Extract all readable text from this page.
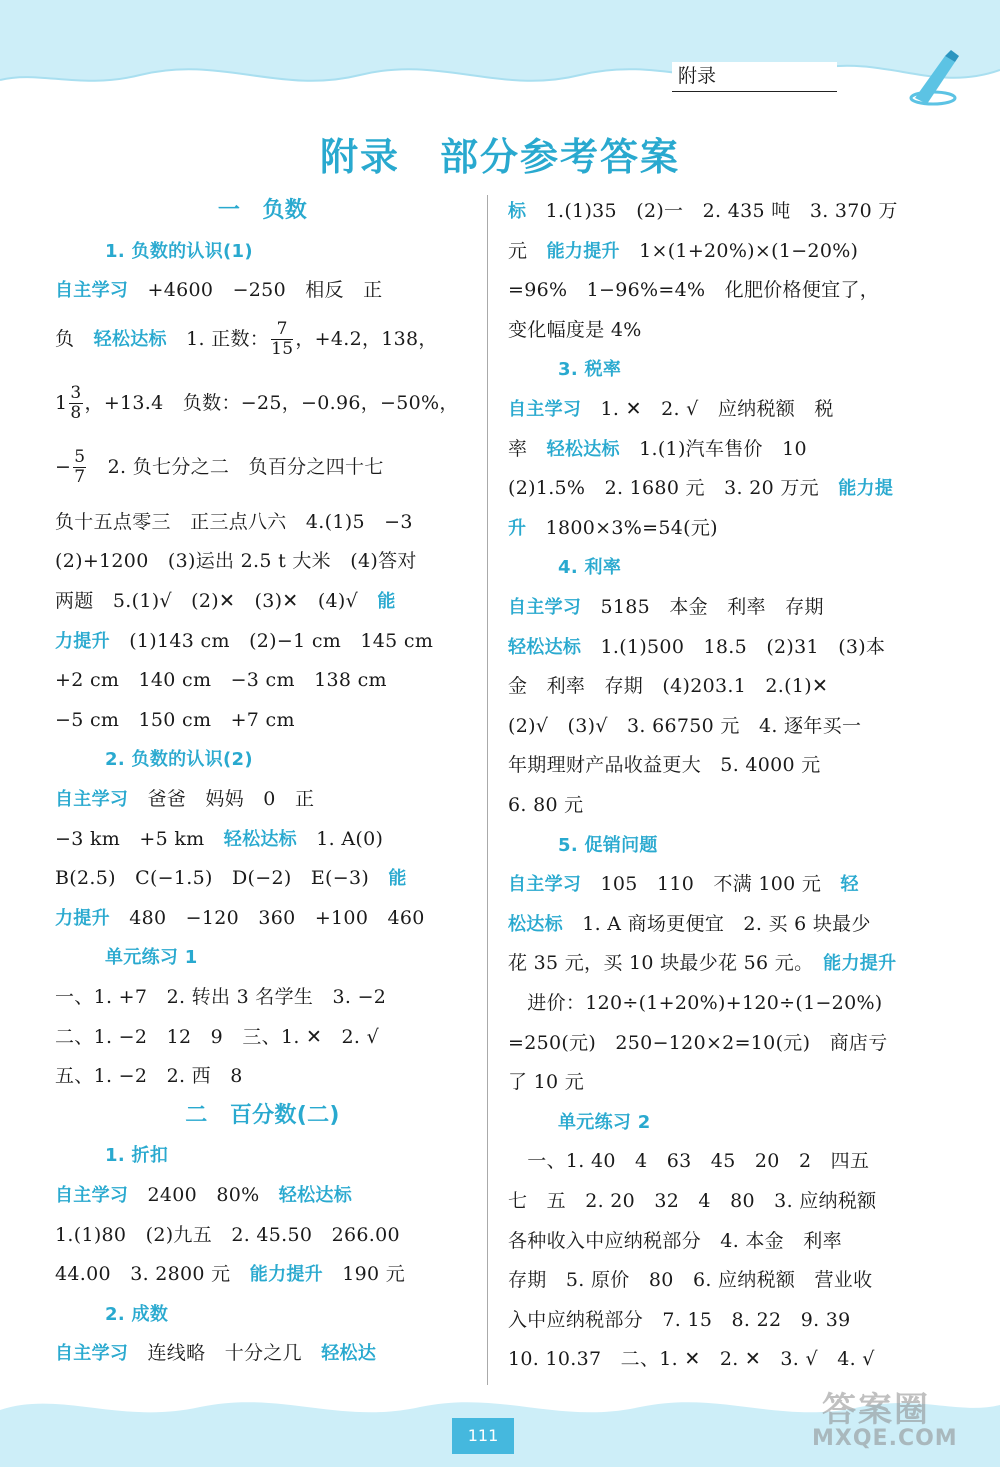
附录
附录　部分参考答案
一　负数
1. 负数的认识(1)
自主学习　+4600　−250　相反　正
负　轻松达标　1. 正数： $\frac{7}{15}$ ，+4.2，138，
$1 \frac{3}{8}$ ，+13.4　负数：−25，−0.96，−50%，
− $\frac{5}{7}$ 　2. 负七分之二　负百分之四十七
负十五点零三　正三点八六　4.(1)5　−3
(2)+1200　(3)运出 2.5 t 大米　(4)答对
两题　5.(1)√　(2)✕　(3)✕　(4)√　能
力提升　(1)143 cm　(2)−1 cm　145 cm
+2 cm　140 cm　−3 cm　138 cm
−5 cm　150 cm　+7 cm
2. 负数的认识(2)
自主学习　爸爸　妈妈　0　正
−3 km　+5 km　轻松达标　1. A(0)
B(2.5)　C(−1.5)　D(−2)　E(−3)　能
力提升　480　−120　360　+100　460
单元练习 1
一、1. +7　2. 转出 3 名学生　3. −2
二、1. −2　12　9　三、1. ✕　2. √
五、1. −2　2. 西　8
二　百分数(二)
1. 折扣
自主学习　2400　80%　轻松达标
1.(1)80　(2)九五　2. 45.50　266.00
44.00　3. 2800 元　能力提升　190 元
2. 成数
自主学习　连线略　十分之几　轻松达
标　1.(1)35　(2)一　2. 435 吨　3. 370 万
元　能力提升　1×(1+20%)×(1−20%)
=96%　1−96%=4%　化肥价格便宜了，
变化幅度是 4%
3. 税率
自主学习　1. ✕　2. √　应纳税额　税
率　轻松达标　1.(1)汽车售价　10
(2)1.5%　2. 1680 元　3. 20 万元　能力提
升　1800×3%=54(元)
4. 利率
自主学习　5185　本金　利率　存期
轻松达标　1.(1)500　18.5　(2)31　(3)本
金　利率　存期　(4)203.1　2.(1)✕
(2)√　(3)√　3. 66750 元　4. 逐年买一
年期理财产品收益更大　5. 4000 元
6. 80 元
5. 促销问题
自主学习　105　110　不满 100 元　轻
松达标　1. A 商场更便宜　2. 买 6 块最少
花 35 元，买 10 块最少花 56 元。　能力提升
　进价：120÷(1+20%)+120÷(1−20%)
=250(元)　250−120×2=10(元)　商店亏
了 10 元
单元练习 2
　一、1. 40　4　63　45　20　2　四五
七　五　2. 20　32　4　80　3. 应纳税额
各种收入中应纳税部分　4. 本金　利率
存期　5. 原价　80　6. 应纳税额　营业收
入中应纳税部分　7. 15　8. 22　9. 39
10. 10.37　二、1. ✕　2. ✕　3. √　4. √
111
答案圈
MXQE.COM
